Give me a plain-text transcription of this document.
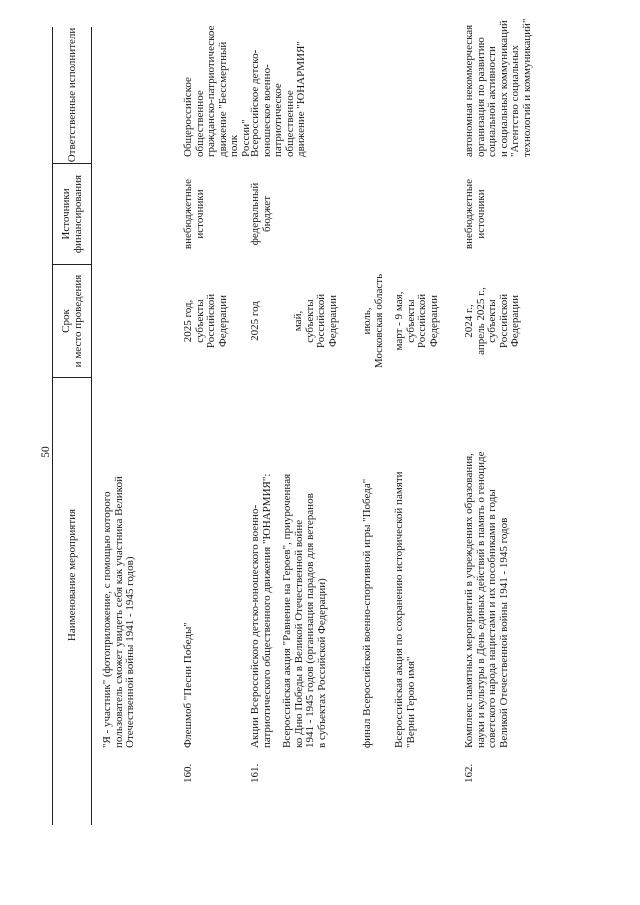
50
Наименование мероприятия
Срок и место проведения
Источники финансирования
Ответственные исполнители
"Я - участник" (фотоприложение, с помощью которого пользователь сможет увидеть себя как участника Великой Отечественной войны 1941 - 1945 годов)
160.
Флешмоб "Песни Победы"
2025 год, субъекты Российской Федерации
внебюджетные источники
Общероссийское общественное гражданско-патриотическое движение "Бессмертный полк России"
161.
Акции Всероссийского детско-юношеского военно- патриотического общественного движения "ЮНАРМИЯ":
2025 год
федеральный бюджет
Всероссийское детско- юношеское военно- патриотическое общественное движение "ЮНАРМИЯ"
Всероссийская акция "Равнение на Героев", приуроченная ко Дню Победы в Великой Отечественной войне 1941 - 1945 годов (организация парадов для ветеранов в субъектах Российской Федерации)
май, субъекты Российской Федерации
финал Всероссийской военно-спортивной игры "Победа"
июль, Московская область
Всероссийская акция по сохранению исторической памяти "Верни Герою имя"
март - 9 мая, субъекты Российской Федерации
162.
Комплекс памятных мероприятий в учреждениях образования, науки и культуры в День единых действий в память о геноциде советского народа нацистами и их пособниками в годы Великой Отечественной войны 1941 - 1945 годов
2024 г., апрель 2025 г., субъекты Российской Федерации
внебюджетные источники
автономная некоммерческая организация по развитию социальной активности и социальных коммуникаций "Агентство социальных технологий и коммуникаций"
